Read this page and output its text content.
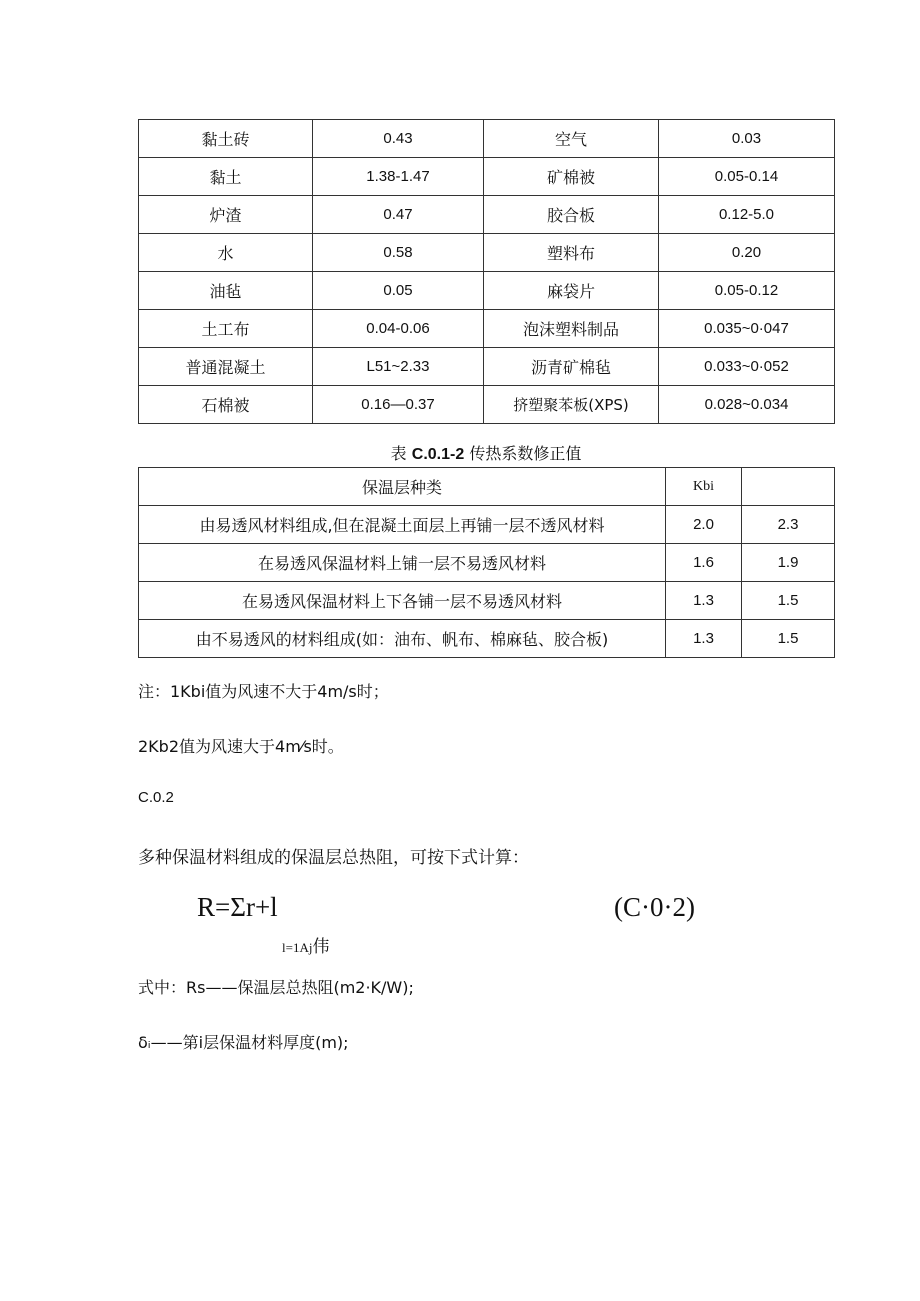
黏土砖	0.43	空气	0.03
黏土	1.38-1.47	矿棉被	0.05-0.14
炉渣	0.47	胶合板	0.12-5.0
水	0.58	塑料布	0.20
油毡	0.05	麻袋片	0.05-0.12
土工布	0.04-0.06	泡沫塑料制品	0.035~0·047
普通混凝土	L51~2.33	沥青矿棉毡	0.033~0·052
石棉被	0.16—0.37	挤塑聚苯板(XPS)	0.028~0.034
表 C.0.1-2 传热系数修正值
保温层种类	Kbi	
由易透风材料组成,但在混凝土面层上再铺一层不透风材料	2.0	2.3
在易透风保温材料上铺一层不易透风材料	1.6	1.9
在易透风保温材料上下各铺一层不易透风材料	1.3	1.5
由不易透风的材料组成(如：油布、帆布、棉麻毡、胶合板)	1.3	1.5
注：1Kbi值为风速不大于4m/s时；
2Kb2值为风速大于4m⁄s时。
C.0.2
多种保温材料组成的保温层总热阻，可按下式计算：
R=Σr+l	(C·0·2)
l=1Aj伟
式中：Rs——保温层总热阻(m2·K/W);
δᵢ——第i层保温材料厚度(m);
